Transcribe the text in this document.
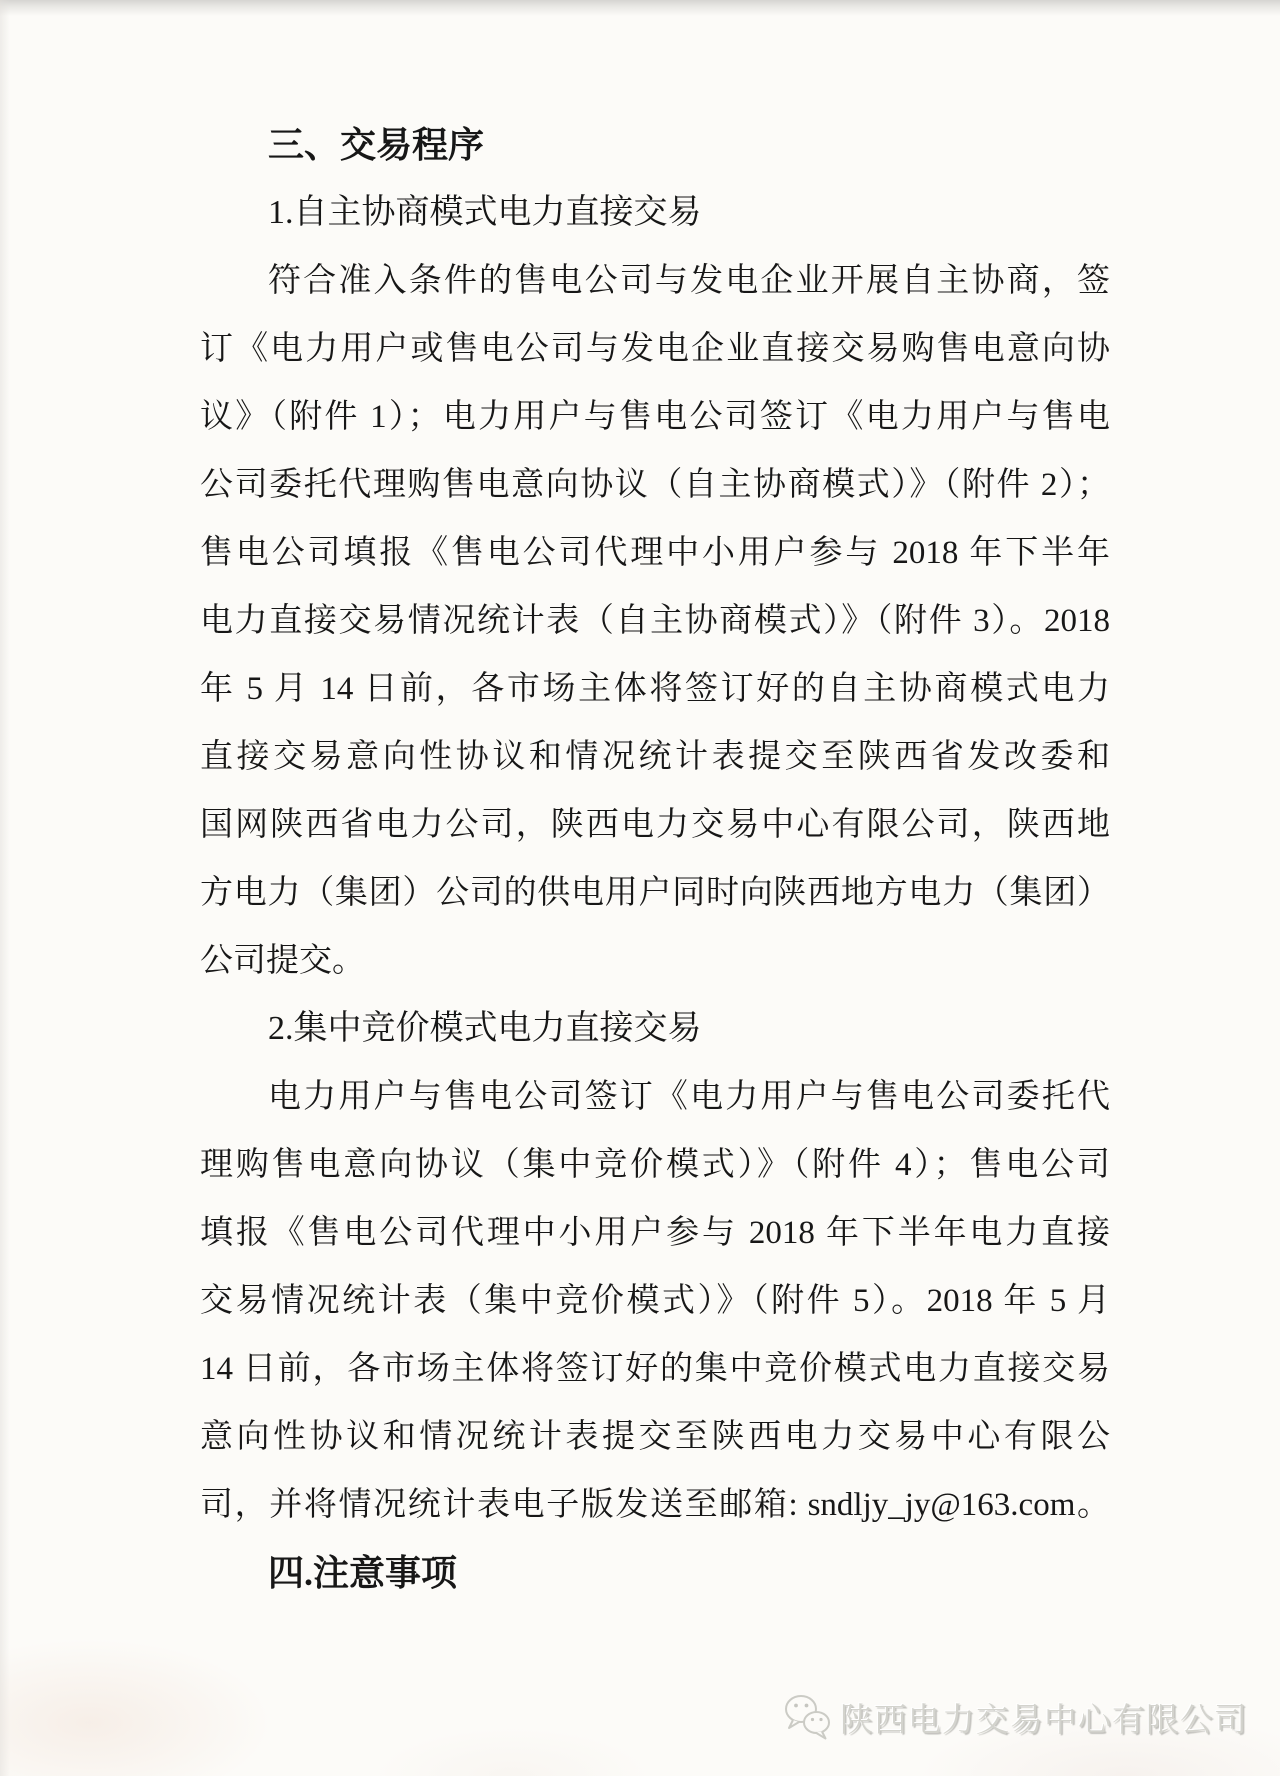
三、交易程序
1.自主协商模式电力直接交易
符合准入条件的售电公司与发电企业开展自主协商，签
订《电力用户或售电公司与发电企业直接交易购售电意向协
议》（附件 1）；电力用户与售电公司签订《电力用户与售电
公司委托代理购售电意向协议（自主协商模式）》（附件 2）；
售电公司填报《售电公司代理中小用户参与 2018 年下半年
电力直接交易情况统计表（自主协商模式）》（附件 3）。2018
年 5 月 14 日前，各市场主体将签订好的自主协商模式电力
直接交易意向性协议和情况统计表提交至陕西省发改委和
国网陕西省电力公司，陕西电力交易中心有限公司，陕西地
方电力（集团）公司的供电用户同时向陕西地方电力（集团）
公司提交。
2.集中竞价模式电力直接交易
电力用户与售电公司签订《电力用户与售电公司委托代
理购售电意向协议（集中竞价模式）》（附件 4）；售电公司
填报《售电公司代理中小用户参与 2018 年下半年电力直接
交易情况统计表（集中竞价模式）》（附件 5）。2018 年 5 月
14 日前，各市场主体将签订好的集中竞价模式电力直接交易
意向性协议和情况统计表提交至陕西电力交易中心有限公
司，并将情况统计表电子版发送至邮箱: sndljy_jy@163.com。
四.注意事项
陕西电力交易中心有限公司
